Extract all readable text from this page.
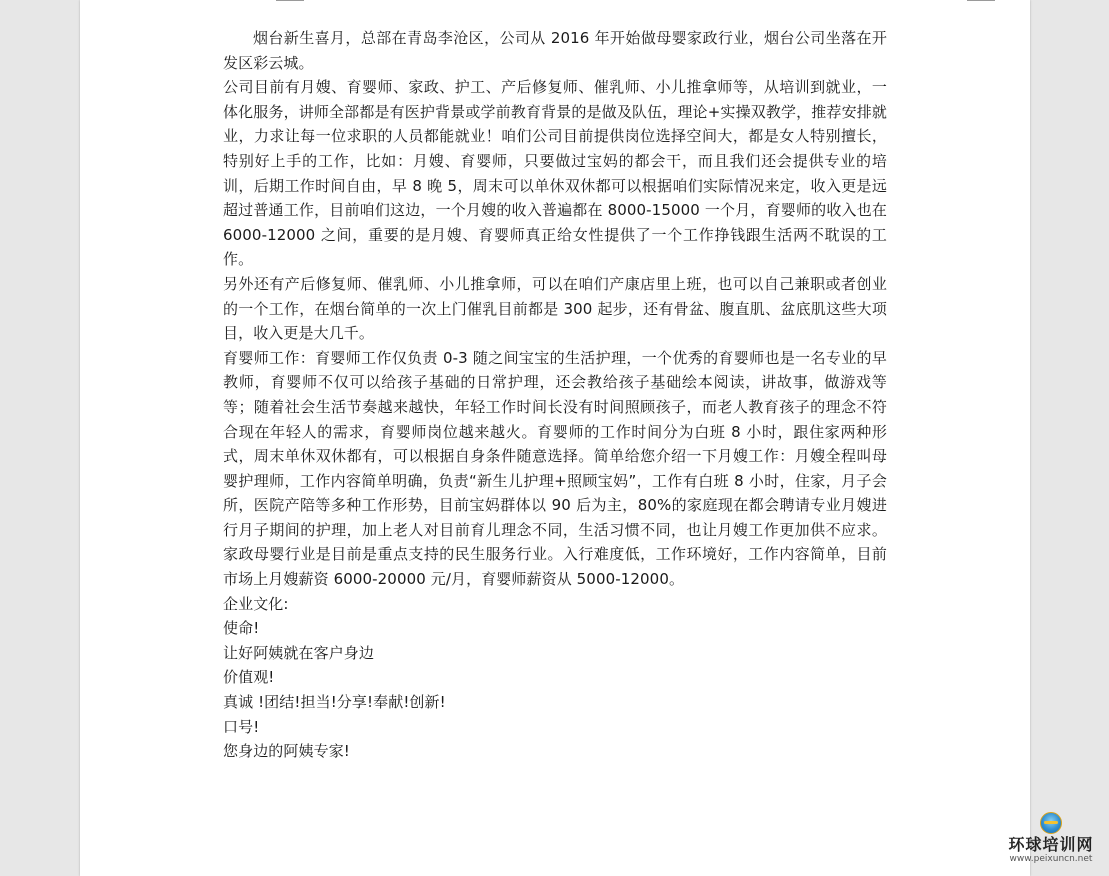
烟台新生喜月，总部在青岛李沧区，公司从 2016 年开始做母婴家政行业，烟台公司坐落在开发区彩云城。

公司目前有月嫂、育婴师、家政、护工、产后修复师、催乳师、小儿推拿师等，从培训到就业，一体化服务，讲师全部都是有医护背景或学前教育背景的是做及队伍，理论+实操双教学，推荐安排就业，力求让每一位求职的人员都能就业！咱们公司目前提供岗位选择空间大，都是女人特别擅长，特别好上手的工作，比如：月嫂、育婴师，只要做过宝妈的都会干，而且我们还会提供专业的培训，后期工作时间自由，早 8 晚 5，周末可以单休双休都可以根据咱们实际情况来定，收入更是远超过普通工作，目前咱们这边，一个月嫂的收入普遍都在 8000-15000 一个月，育婴师的收入也在 6000-12000 之间，重要的是月嫂、育婴师真正给女性提供了一个工作挣钱跟生活两不耽误的工作。

另外还有产后修复师、催乳师、小儿推拿师，可以在咱们产康店里上班，也可以自己兼职或者创业的一个工作，在烟台简单的一次上门催乳目前都是 300 起步，还有骨盆、腹直肌、盆底肌这些大项目，收入更是大几千。

育婴师工作：育婴师工作仅负责 0-3 随之间宝宝的生活护理，一个优秀的育婴师也是一名专业的早教师，育婴师不仅可以给孩子基础的日常护理，还会教给孩子基础绘本阅读，讲故事，做游戏等等；随着社会生活节奏越来越快，年轻工作时间长没有时间照顾孩子，而老人教育孩子的理念不符合现在年轻人的需求，育婴师岗位越来越火。育婴师的工作时间分为白班 8 小时，跟住家两种形式，周末单休双休都有，可以根据自身条件随意选择。简单给您介绍一下月嫂工作：月嫂全程叫母婴护理师，工作内容简单明确，负责“新生儿护理+照顾宝妈”，工作有白班 8 小时，住家，月子会所，医院产陪等多种工作形势，目前宝妈群体以 90 后为主，80%的家庭现在都会聘请专业月嫂进行月子期间的护理，加上老人对目前育儿理念不同，生活习惯不同，也让月嫂工作更加供不应求。家政母婴行业是目前是重点支持的民生服务行业。入行难度低，工作环境好，工作内容简单，目前市场上月嫂薪资 6000-20000 元/月，育婴师薪资从 5000-12000。

企业文化:

使命!

让好阿姨就在客户身边

价值观!

真诚 !团结!担当!分享!奉献!创新!

口号!

您身边的阿姨专家!

环球培训网
www.peixuncn.net
